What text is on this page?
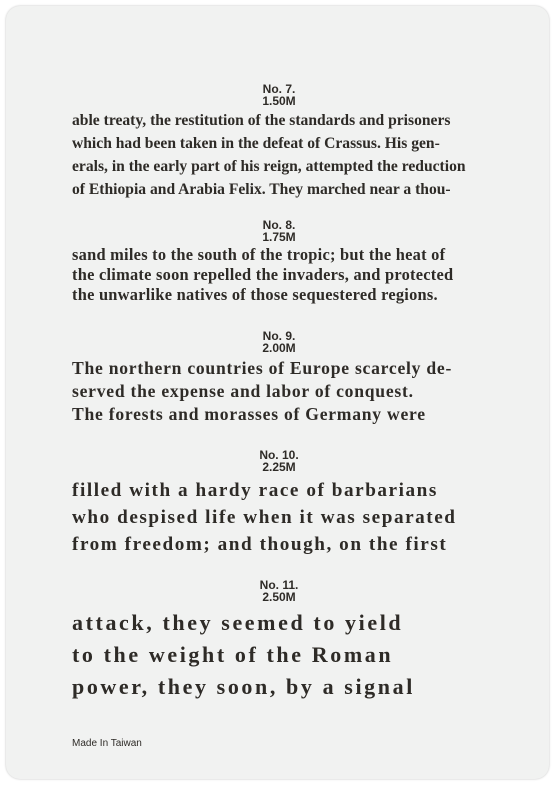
No. 7.

1.50M

able treaty, the restitution of the standards and prisoners
which had been taken in the defeat of Crassus. His gen-
erals, in the early part of his reign, attempted the reduction
of Ethiopia and Arabia Felix. They marched near a thou-

No. 8.

1.75M

sand miles to the south of the tropic; but the heat of
the climate soon repelled the invaders, and protected
the unwarlike natives of those sequestered regions.

No. 9.

2.00M

The northern countries of Europe scarcely de-
served the expense and labor of conquest.
The forests and morasses of Germany were

No. 10.

2.25M

filled with a hardy race of barbarians
who despised life when it was separated
from freedom; and though, on the first

No. 11.

2.50M

attack, they seemed to yield
to the weight of the Roman
power, they soon, by a signal
Made In Taiwan
